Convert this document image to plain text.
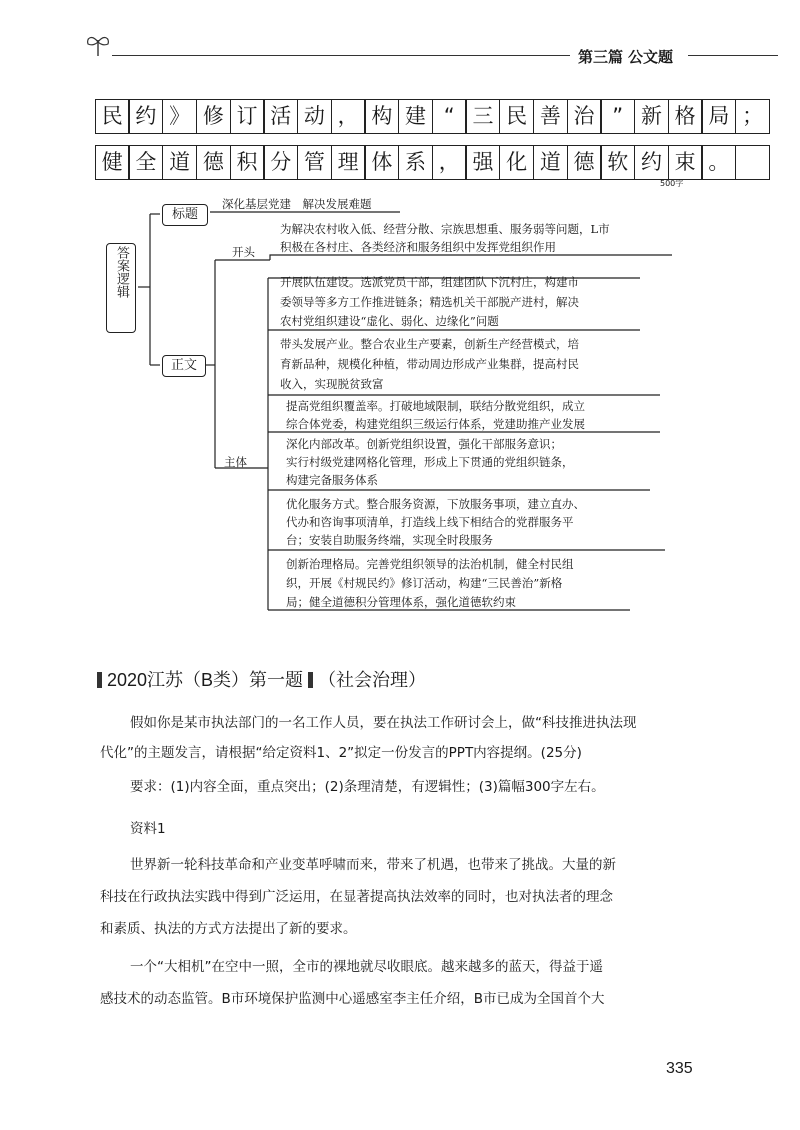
第三篇 公文题
民 约 》 修 订 活 动 ， 构 建 “ 三 民 善 治 ” 新 格 局 ；
健 全 道 德 积 分 管 理 体 系 ， 强 化 道 德 软 约 束 。
500字
答案逻辑
标题
深化基层党建　解决发展难题
正文
开头
为解决农村收入低、经营分散、宗族思想重、服务弱等问题，L市
积极在各村庄、各类经济和服务组织中发挥党组织作用
主体
开展队伍建设。选派党员干部，组建团队下沉村庄，构建市
委领导等多方工作推进链条；精选机关干部脱产进村，解决
农村党组织建设“虚化、弱化、边缘化”问题
带头发展产业。整合农业生产要素，创新生产经营模式，培
育新品种，规模化种植，带动周边形成产业集群，提高村民
收入，实现脱贫致富
提高党组织覆盖率。打破地域限制，联结分散党组织，成立
综合体党委，构建党组织三级运行体系，党建助推产业发展
深化内部改革。创新党组织设置，强化干部服务意识；
实行村级党建网格化管理，形成上下贯通的党组织链条，
构建完备服务体系
优化服务方式。整合服务资源，下放服务事项，建立直办、
代办和咨询事项清单，打造线上线下相结合的党群服务平
台；安装自助服务终端，实现全时段服务
创新治理格局。完善党组织领导的法治机制，健全村民组
织，开展《村规民约》修订活动，构建“三民善治”新格
局；健全道德积分管理体系，强化道德软约束
2020江苏（B类）第一题 （社会治理）
假如你是某市执法部门的一名工作人员，要在执法工作研讨会上，做“科技推进执法现
代化”的主题发言，请根据“给定资料1、2”拟定一份发言的PPT内容提纲。(25分)
要求：(1)内容全面，重点突出；(2)条理清楚，有逻辑性；(3)篇幅300字左右。
资料1
世界新一轮科技革命和产业变革呼啸而来，带来了机遇，也带来了挑战。大量的新
科技在行政执法实践中得到广泛运用，在显著提高执法效率的同时，也对执法者的理念
和素质、执法的方式方法提出了新的要求。
一个“大相机”在空中一照，全市的裸地就尽收眼底。越来越多的蓝天，得益于遥
感技术的动态监管。B市环境保护监测中心遥感室李主任介绍，B市已成为全国首个大
335
